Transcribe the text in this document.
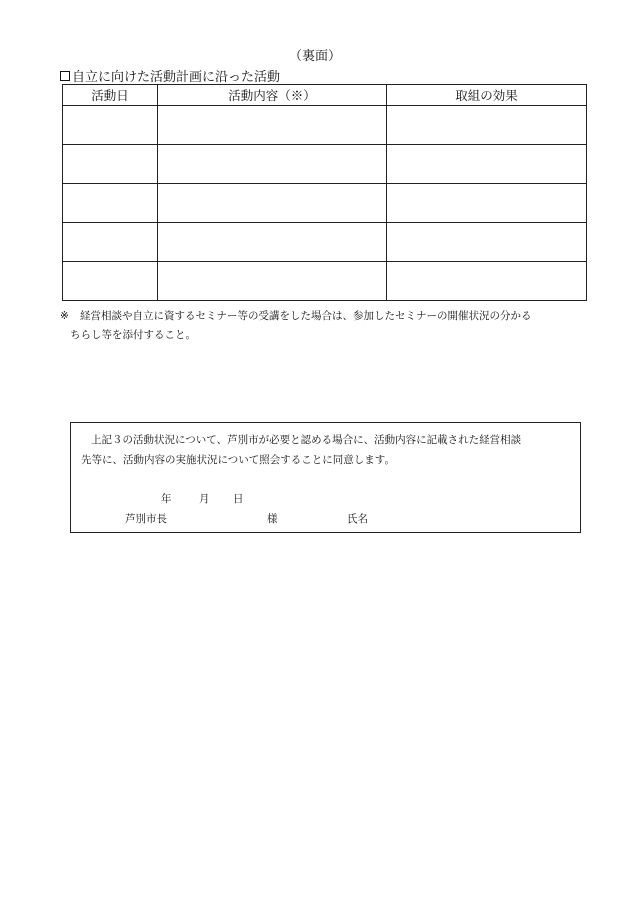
（裏面）
自立に向けた活動計画に沿った活動
活動日	活動内容（※）	取組の効果

※ 経営相談や自立に資するセミナー等の受講をした場合は、参加したセミナーの開催状況の分かる
ちらし等を添付すること。
上記３の活動状況について、芦別市が必要と認める場合に、活動内容に記載された経営相談
先等に、活動内容の実施状況について照会することに同意します。
年	月 日
芦別市長	様	氏名
